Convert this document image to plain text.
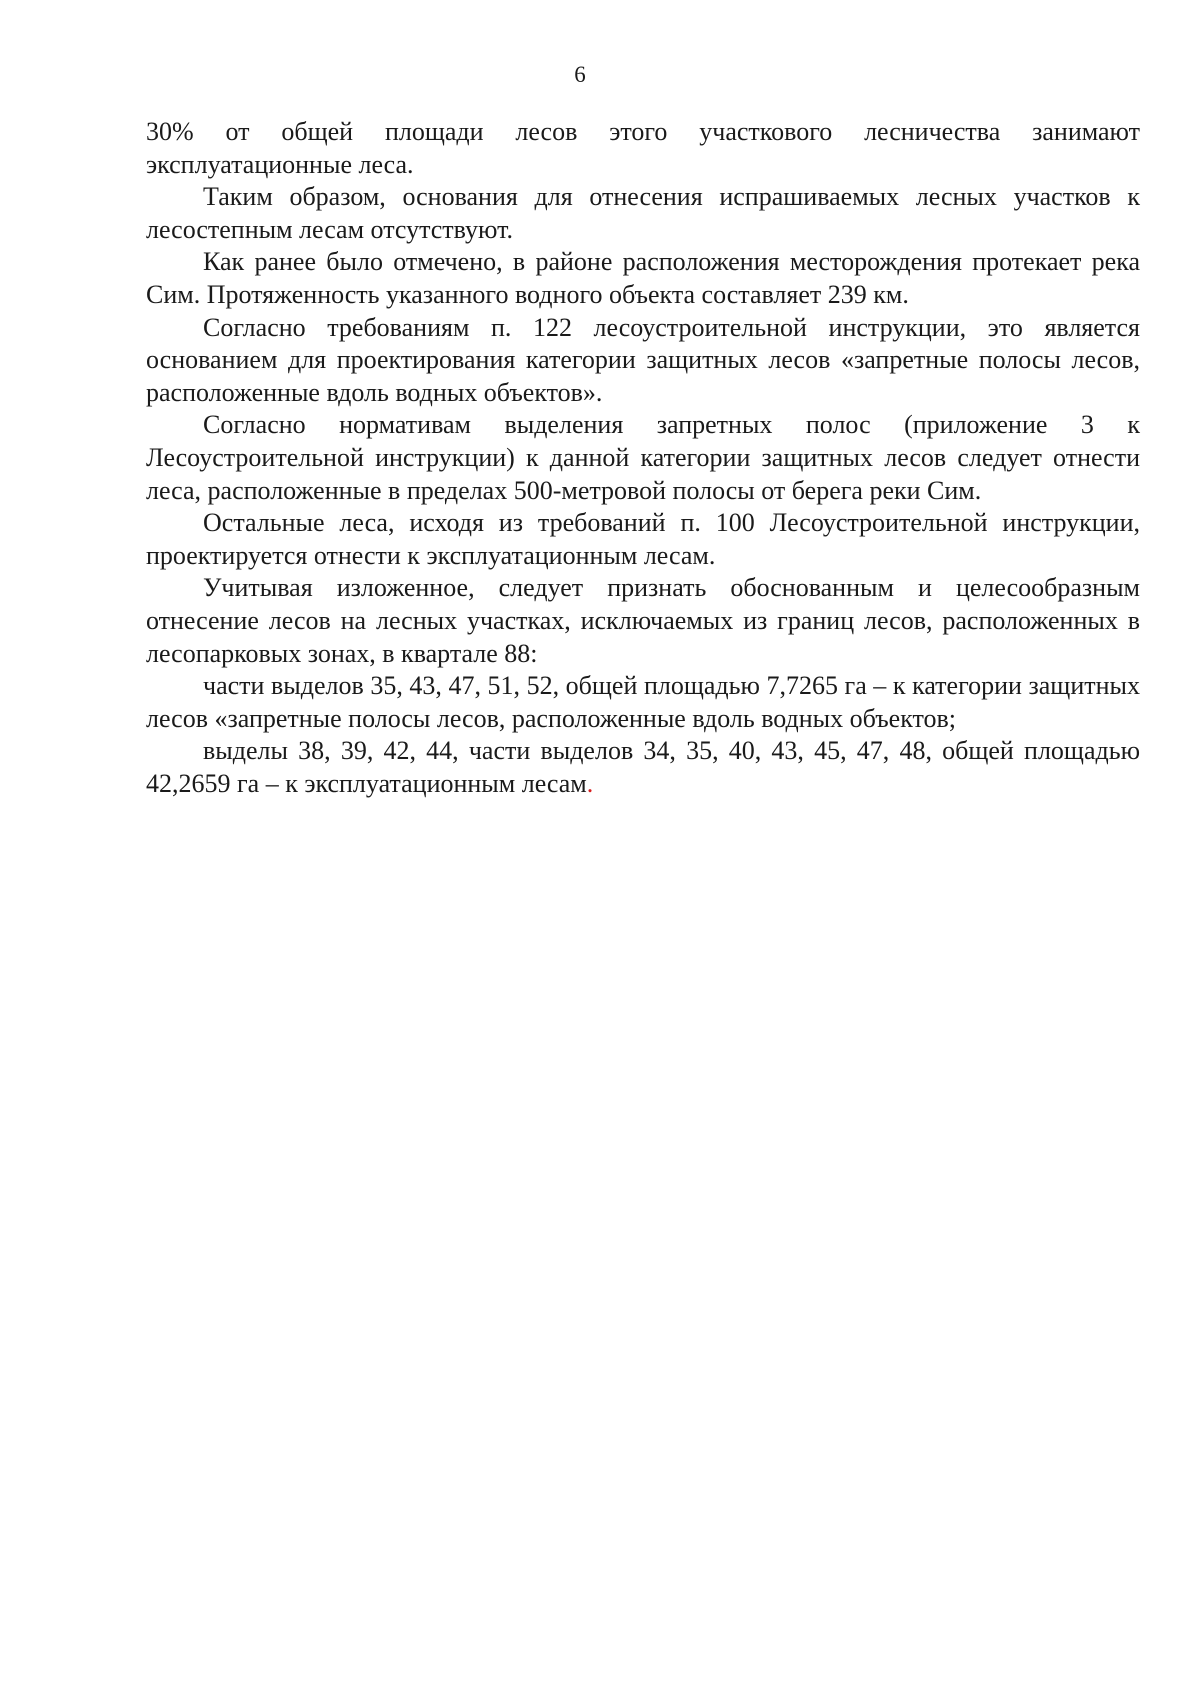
6

30% от общей площади лесов этого участкового лесничества занимают эксплуатационные леса.

Таким образом, основания для отнесения испрашиваемых лесных участков к лесостепным лесам отсутствуют.

Как ранее было отмечено, в районе расположения месторождения протекает река Сим. Протяженность указанного водного объекта составляет 239 км.

Согласно требованиям п. 122 лесоустроительной инструкции, это является основанием для проектирования категории защитных лесов «запретные полосы лесов, расположенные вдоль водных объектов».

Согласно нормативам выделения запретных полос (приложение 3 к Лесоустроительной инструкции) к данной категории защитных лесов следует отнести леса, расположенные в пределах 500-метровой полосы от берега реки Сим.

Остальные леса, исходя из требований п. 100 Лесоустроительной инструкции, проектируется отнести к эксплуатационным лесам.

Учитывая изложенное, следует признать обоснованным и целесообразным отнесение лесов на лесных участках, исключаемых из границ лесов, расположенных в лесопарковых зонах, в квартале 88:

части выделов 35, 43, 47, 51, 52, общей площадью 7,7265 га – к категории защитных лесов «запретные полосы лесов, расположенные вдоль водных объектов;

выделы 38, 39, 42, 44, части выделов 34, 35, 40, 43, 45, 47, 48, общей площадью 42,2659 га – к эксплуатационным лесам.
